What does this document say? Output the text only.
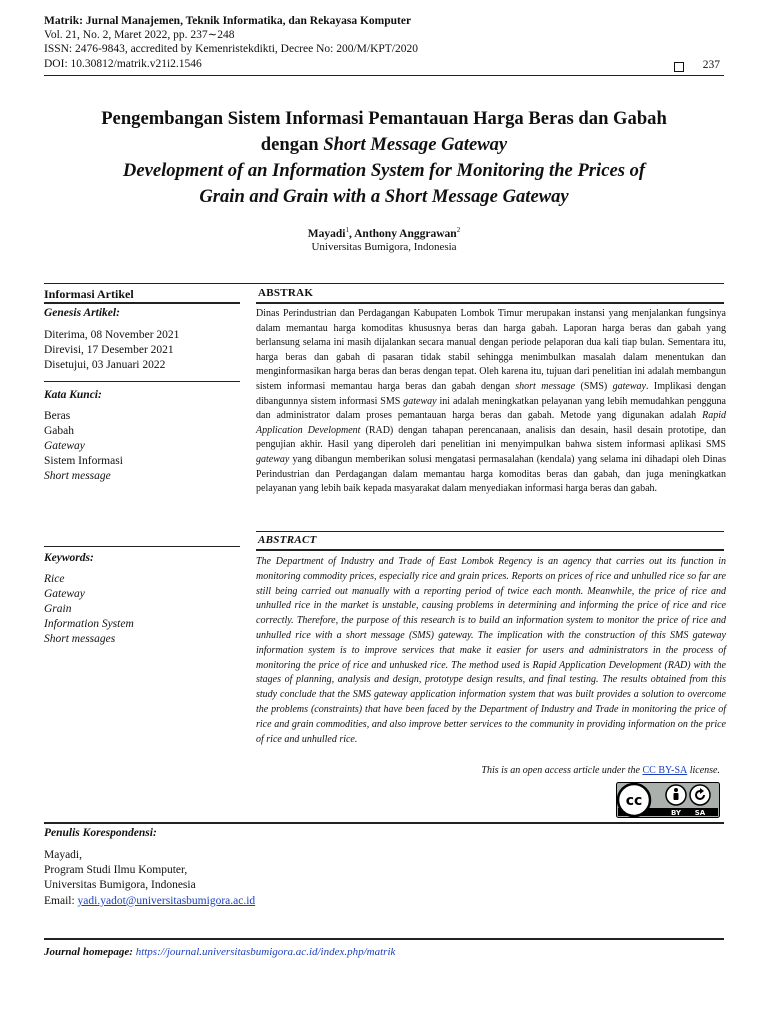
Matrik: Jurnal Manajemen, Teknik Informatika, dan Rekayasa Komputer
Vol. 21, No. 2, Maret 2022, pp. 237∼248
ISSN: 2476-9843, accredited by Kemenristekdikti, Decree No: 200/M/KPT/2020
DOI: 10.30812/matrik.v21i2.1546	237
Pengembangan Sistem Informasi Pemantauan Harga Beras dan Gabah
dengan Short Message Gateway
Development of an Information System for Monitoring the Prices of
Grain and Grain with a Short Message Gateway
Mayadi$^1$, Anthony Anggrawan$^2$
Universitas Bumigora, Indonesia
Informasi Artikel	ABSTRAK
Genesis Artikel:
Diterima, 08 November 2021
Direvisi, 17 Desember 2021
Disetujui, 03 Januari 2022
Kata Kunci:
Beras
Gabah
Gateway
Sistem Informasi
Short message
Keywords:
Rice
Gateway
Grain
Information System
Short messages
Dinas Perindustrian dan Perdagangan Kabupaten Lombok Timur merupakan instansi yang menjalankan fungsinya dalam memantau harga komoditas khususnya beras dan harga gabah. Laporan harga beras dan gabah yang berlansung selama ini masih dijalankan secara manual dengan periode pelaporan dua kali tiap bulan. Sementara itu, harga beras dan gabah di pasaran tidak stabil sehingga menimbulkan masalah dalam menentukan dan menginformasikan harga beras dan beras dengan tepat. Oleh karena itu, tujuan dari penelitian ini adalah membangun sistem informasi memantau harga beras dan gabah dengan short message (SMS) gateway. Implikasi dengan dibangunnya sistem informasi SMS gateway ini adalah meningkatkan pelayanan yang lebih memudahkan pengguna dan administrator dalam proses pemantauan harga beras dan gabah. Metode yang digunakan adalah Rapid Application Development (RAD) dengan tahapan perencanaan, analisis dan desain, hasil desain prototipe, dan pengujian akhir. Hasil yang diperoleh dari penelitian ini menyimpulkan bahwa sistem informasi aplikasi SMS gateway yang dibangun memberikan solusi mengatasi permasalahan (kendala) yang selama ini dihadapi oleh Dinas Perindustrian dan Perdagangan dalam memantau harga komoditas beras dan gabah, dan juga meningkatkan pelayanan yang lebih baik kepada masyarakat dalam menyediakan informasi harga beras dan gabah.
ABSTRACT
The Department of Industry and Trade of East Lombok Regency is an agency that carries out its function in monitoring commodity prices, especially rice and grain prices. Reports on prices of rice and unhulled rice so far are still being carried out manually with a reporting period of twice each month. Meanwhile, the price of rice and unhulled rice in the market is unstable, causing problems in determining and informing the price of rice and rice correctly. Therefore, the purpose of this research is to build an information system to monitor the price of rice and unhulled rice with a short message (SMS) gateway. The implication with the construction of this SMS gateway information system is to improve services that make it easier for users and administrators in the process of monitoring the price of rice and unhusked rice. The method used is Rapid Application Development (RAD) with the stages of planning, analysis and design, prototype design results, and final testing. The results obtained from this study conclude that the SMS gateway application information system that was built provides a solution to overcome the problems (constraints) that have been faced by the Department of Industry and Trade in monitoring the price of rice and grain commodities, and also improve better services to the community in providing information on the price of rice and unhulled rice.
This is an open access article under the CC BY-SA license.
cc
BY SA
Penulis Korespondensi:
Mayadi,
Program Studi Ilmu Komputer,
Universitas Bumigora, Indonesia
Email: yadi.yadot@universitasbumigora.ac.id
Journal homepage: https://journal.universitasbumigora.ac.id/index.php/matrik
